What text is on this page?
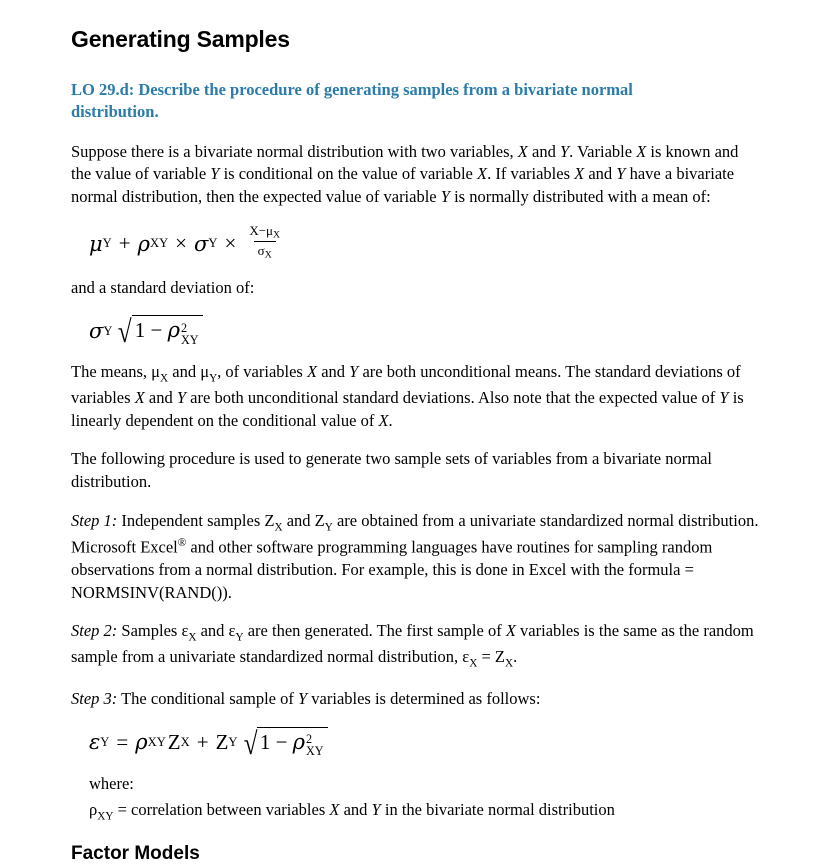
Generating Samples
LO 29.d: Describe the procedure of generating samples from a bivariate normal distribution.

Suppose there is a bivariate normal distribution with two variables, X and Y. Variable X is known and the value of variable Y is conditional on the value of variable X. If variables X and Y have a bivariate normal distribution, then the expected value of variable Y is normally distributed with a mean of:

μ Y + ρ XY × σ $Y \times \frac{X-\mu X}{\sigma X}$

and a standard deviation of:

σ Y √ 1 − ρ 2
XY

The means, $\mu_X$ and $\mu_Y$, of variables X and Y are both unconditional means. The standard deviations of variables X and Y are both unconditional standard deviations. Also note that the expected value of Y is linearly dependent on the conditional value of X.

The following procedure is used to generate two sample sets of variables from a bivariate normal distribution.

Step 1: Independent samples $Z_X$ and $Z_Y$ are obtained from a univariate standardized normal distribution. Microsoft Excel® and other software programming languages have routines for sampling random observations from a normal distribution. For example, this is done in Excel with the formula = NORMSINV(RAND()).

Step 2: Samples $\varepsilon_X$ and $\varepsilon_Y$ are then generated. The first sample of X variables is the same as the random sample from a univariate standardized normal distribution, $\varepsilon_X = Z_X$.

Step 3: The conditional sample of Y variables is determined as follows:

ε Y = ρ XY Z X + Z Y √ 1 − ρ 2
XY
where:
$\rho_{XY}$ = correlation between variables X and Y in the bivariate normal distribution
Factor Models
